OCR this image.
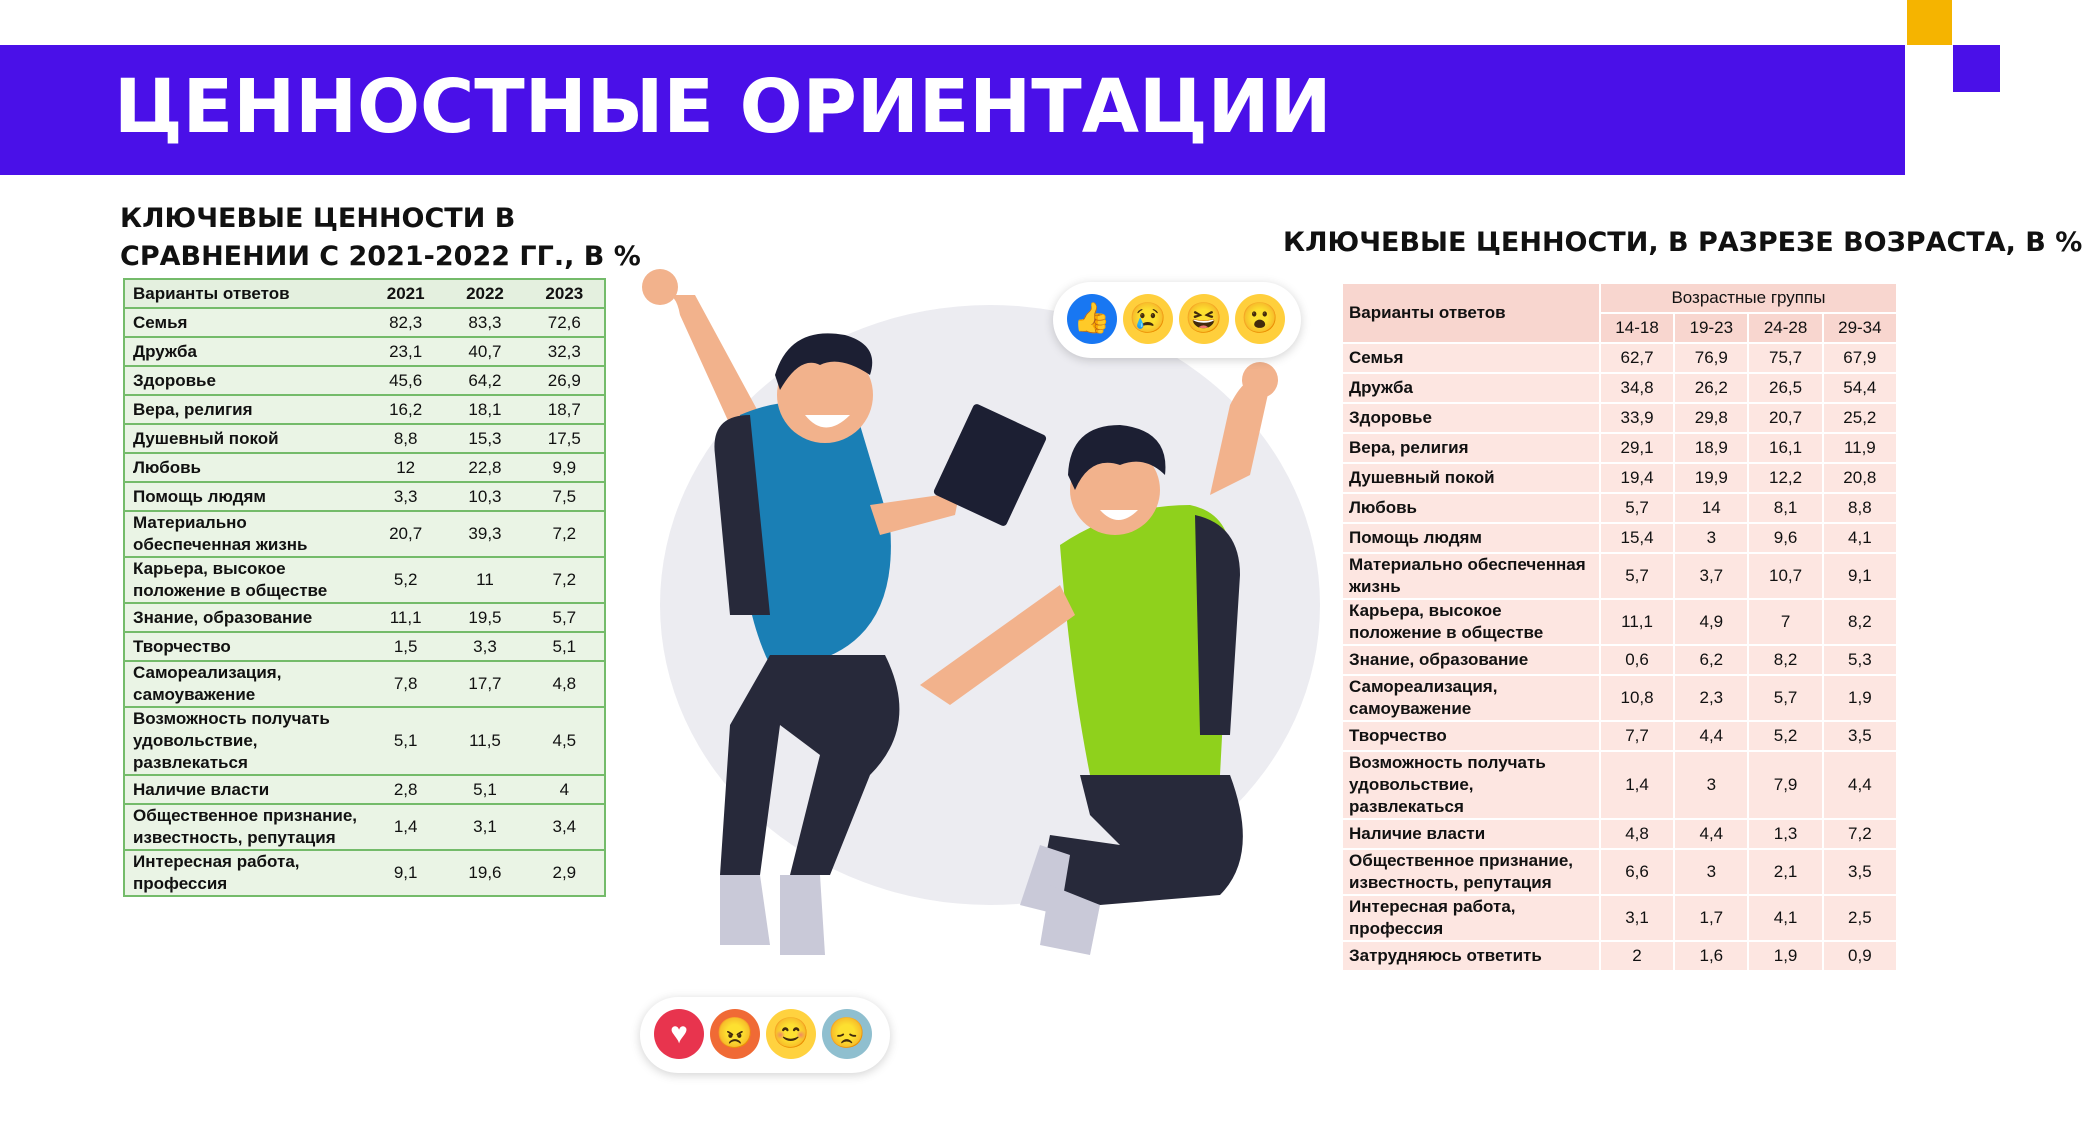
ЦЕННОСТНЫЕ ОРИЕНТАЦИИ
КЛЮЧЕВЫЕ ЦЕННОСТИ В СРАВНЕНИИ С 2021-2022 ГГ., В %	КЛЮЧЕВЫЕ ЦЕННОСТИ, В РАЗРЕЗЕ ВОЗРАСТА, В %
Варианты ответов	2021	2022	2023
Семья	82,3	83,3	72,6
Дружба	23,1	40,7	32,3
Здоровье	45,6	64,2	26,9
Вера, религия	16,2	18,1	18,7
Душевный покой	8,8	15,3	17,5
Любовь	12	22,8	9,9
Помощь людям	3,3	10,3	7,5
Материально обеспеченная жизнь	20,7	39,3	7,2
Карьера, высокое положение в обществе	5,2	11	7,2
Знание, образование	11,1	19,5	5,7
Творчество	1,5	3,3	5,1
Самореализация, самоуважение	7,8	17,7	4,8
Возможность получать удовольствие, развлекаться	5,1	11,5	4,5
Наличие власти	2,8	5,1	4
Общественное признание, известность, репутация	1,4	3,1	3,4
Интересная работа, профессия	9,1	19,6	2,9
Варианты ответов	Возрастные группы			
	14-18	19-23	24-28	29-34
Семья	62,7	76,9	75,7	67,9
Дружба	34,8	26,2	26,5	54,4
Здоровье	33,9	29,8	20,7	25,2
Вера, религия	29,1	18,9	16,1	11,9
Душевный покой	19,4	19,9	12,2	20,8
Любовь	5,7	14	8,1	8,8
Помощь людям	15,4	3	9,6	4,1
Материально обеспеченная жизнь	5,7	3,7	10,7	9,1
Карьера, высокое положение в обществе	11,1	4,9	7	8,2
Знание, образование	0,6	6,2	8,2	5,3
Самореализация, самоуважение	10,8	2,3	5,7	1,9
Творчество	7,7	4,4	5,2	3,5
Возможность получать удовольствие, развлекаться	1,4	3	7,9	4,4
Наличие власти	4,8	4,4	1,3	7,2
Общественное признание, известность, репутация	6,6	3	2,1	3,5
Интересная работа, профессия	3,1	1,7	4,1	2,5
Затрудняюсь ответить	2	1,6	1,9	0,9
👍 😢 😆 😮
♥ 😠 😊 😞
